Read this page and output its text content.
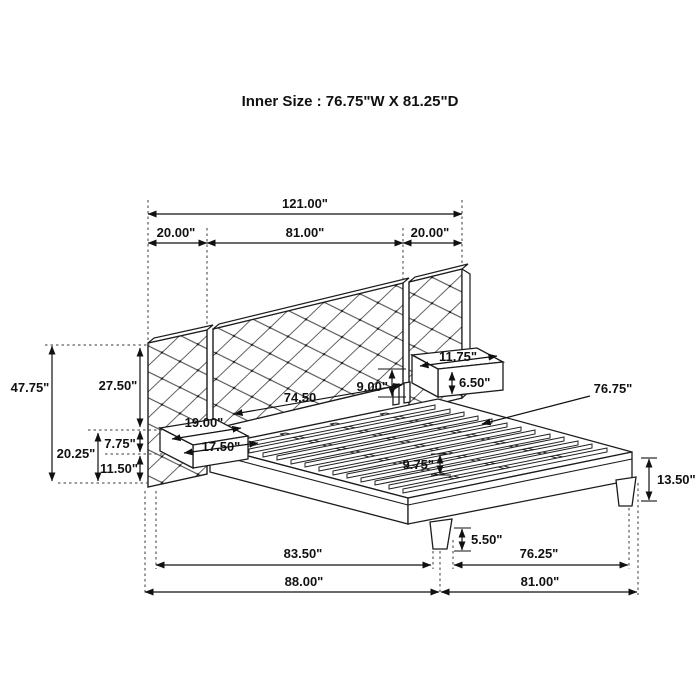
Inner Size : 76.75"W X 81.25"D
121.00"
20.00"	81.00"	20.00"
47.75"	27.50"
7.75"
11.50"
20.25"
74.50
9.00"
19.00"
17.50"
11.75"
6.50"	76.75"
9.75"
13.50"
5.50"
83.50"	76.25"
88.00"	81.00"
